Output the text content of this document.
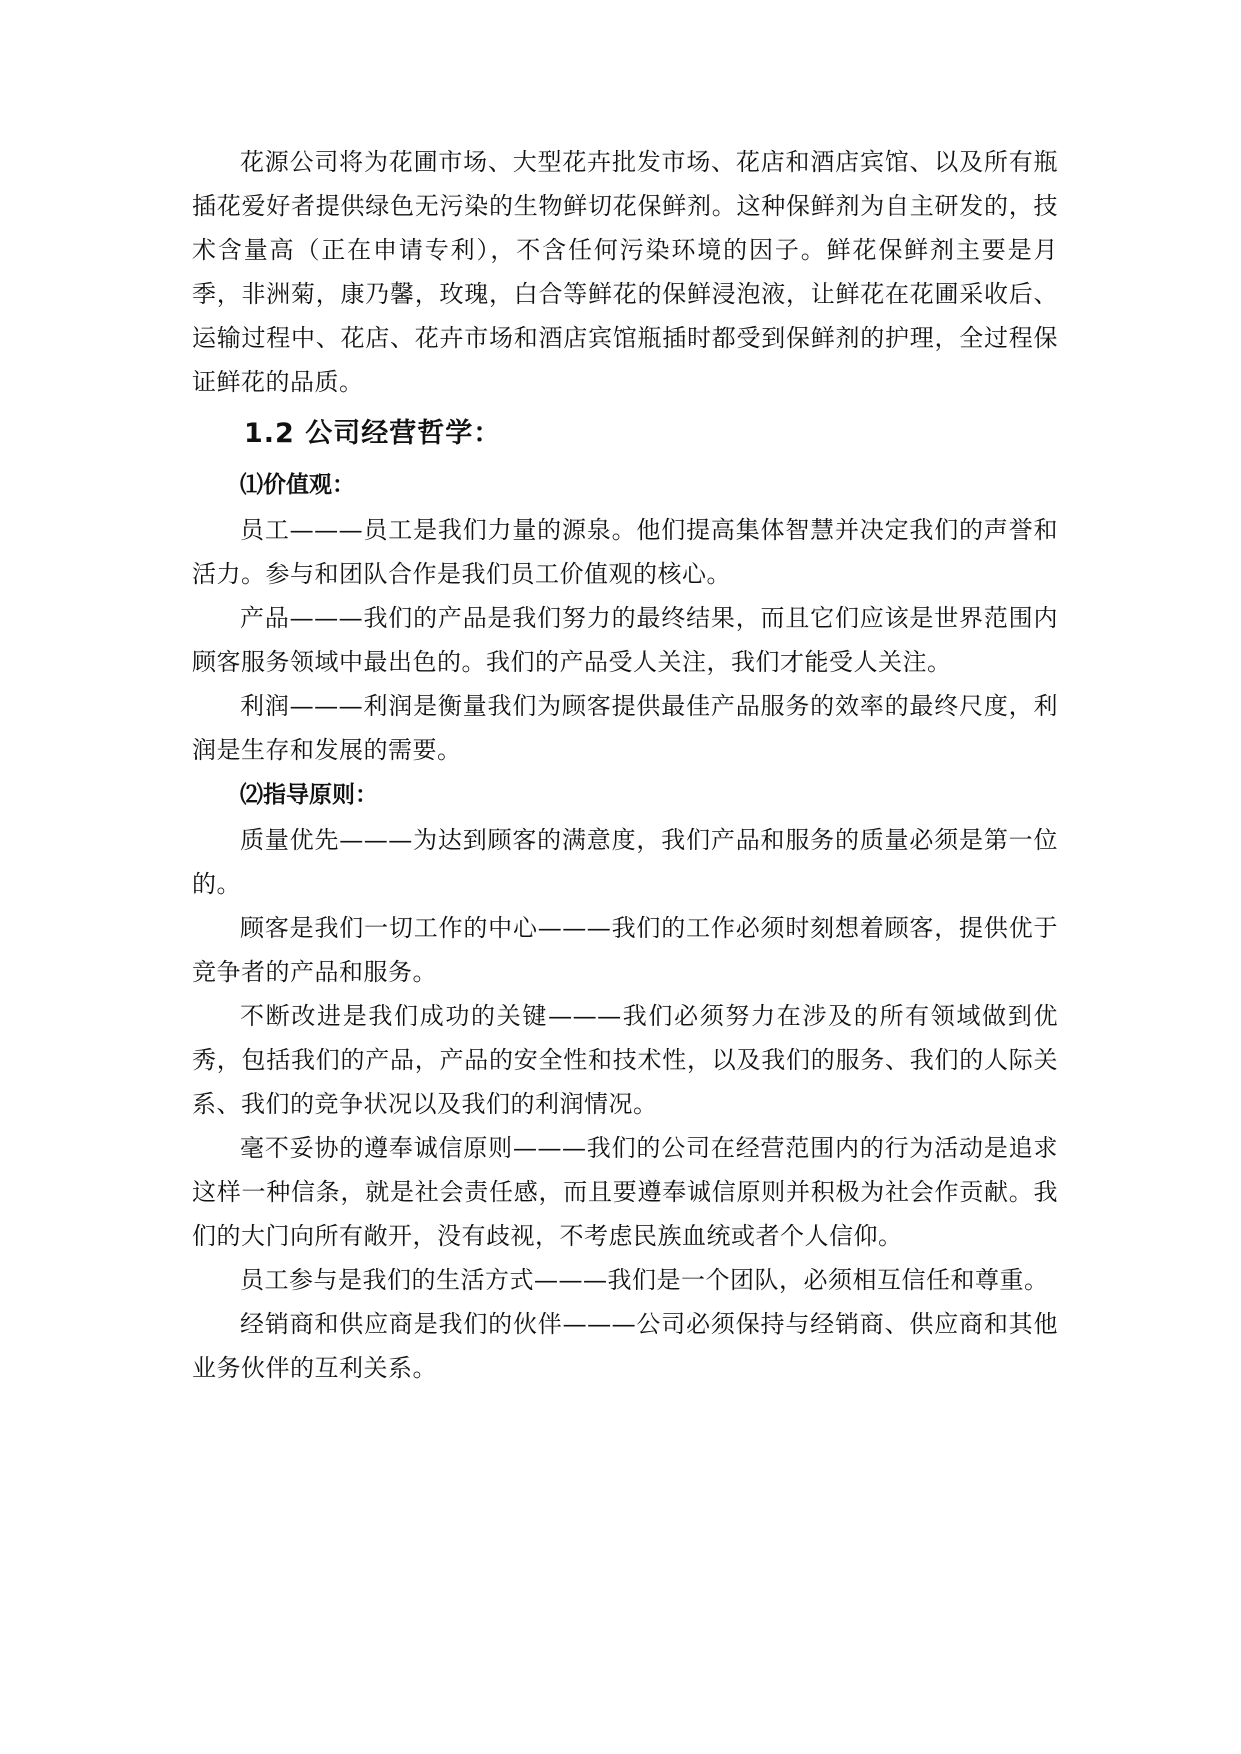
花源公司将为花圃市场、大型花卉批发市场、花店和酒店宾馆、以及所有瓶插花爱好者提供绿色无污染的生物鲜切花保鲜剂。这种保鲜剂为自主研发的，技术含量高（正在申请专利），不含任何污染环境的因子。鲜花保鲜剂主要是月季，非洲菊，康乃馨，玫瑰，白合等鲜花的保鲜浸泡液，让鲜花在花圃采收后、运输过程中、花店、花卉市场和酒店宾馆瓶插时都受到保鲜剂的护理，全过程保证鲜花的品质。

1.2 公司经营哲学：
⑴价值观：

员工———员工是我们力量的源泉。他们提高集体智慧并决定我们的声誉和活力。参与和团队合作是我们员工价值观的核心。

产品———我们的产品是我们努力的最终结果，而且它们应该是世界范围内顾客服务领域中最出色的。我们的产品受人关注，我们才能受人关注。

利润———利润是衡量我们为顾客提供最佳产品服务的效率的最终尺度，利润是生存和发展的需要。

⑵指导原则：

质量优先———为达到顾客的满意度，我们产品和服务的质量必须是第一位的。

顾客是我们一切工作的中心———我们的工作必须时刻想着顾客，提供优于竞争者的产品和服务。

不断改进是我们成功的关键———我们必须努力在涉及的所有领域做到优秀，包括我们的产品，产品的安全性和技术性，以及我们的服务、我们的人际关系、我们的竞争状况以及我们的利润情况。

毫不妥协的遵奉诚信原则———我们的公司在经营范围内的行为活动是追求这样一种信条，就是社会责任感，而且要遵奉诚信原则并积极为社会作贡献。我们的大门向所有敞开，没有歧视，不考虑民族血统或者个人信仰。

员工参与是我们的生活方式———我们是一个团队，必须相互信任和尊重。

经销商和供应商是我们的伙伴———公司必须保持与经销商、供应商和其他业务伙伴的互利关系。
